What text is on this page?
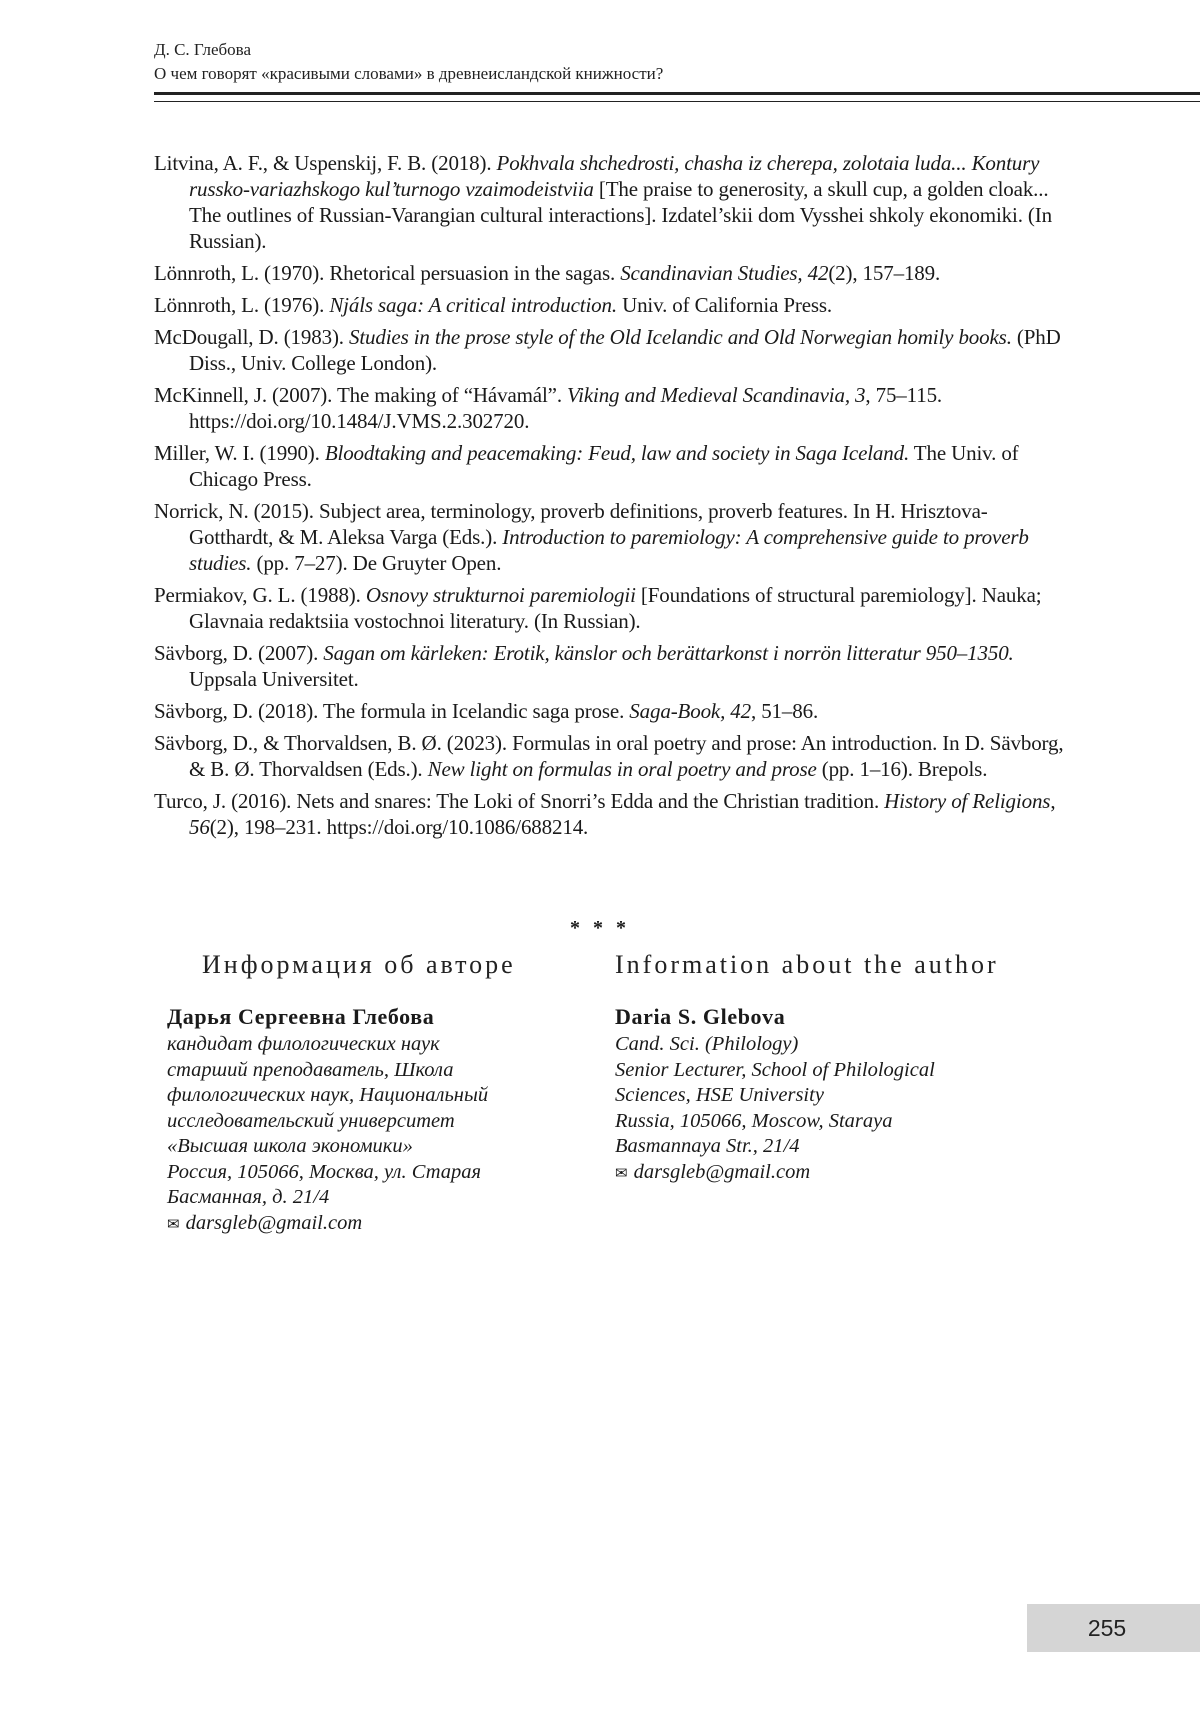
Д. С. Глебова
О чем говорят «красивыми словами» в древнеисландской книжности?
Litvina, A. F., & Uspenskij, F. B. (2018). Pokhvala shchedrosti, chasha iz cherepa, zolotaia luda... Kontury russko-variazhskogo kul’turnogo vzaimodeistviia [The praise to generosity, a skull cup, a golden cloak... The outlines of Russian-Varangian cultural interactions]. Izdatel’skii dom Vysshei shkoly ekonomiki. (In Russian).
Lönnroth, L. (1970). Rhetorical persuasion in the sagas. Scandinavian Studies, 42(2), 157–189.
Lönnroth, L. (1976). Njáls saga: A critical introduction. Univ. of California Press.
McDougall, D. (1983). Studies in the prose style of the Old Icelandic and Old Norwegian homily books. (PhD Diss., Univ. College London).
McKinnell, J. (2007). The making of “Hávamál”. Viking and Medieval Scandinavia, 3, 75–115. https://doi.org/10.1484/J.VMS.2.302720.
Miller, W. I. (1990). Bloodtaking and peacemaking: Feud, law and society in Saga Iceland. The Univ. of Chicago Press.
Norrick, N. (2015). Subject area, terminology, proverb definitions, proverb features. In H. Hrisztova-Gotthardt, & M. Aleksa Varga (Eds.). Introduction to paremiology: A comprehensive guide to proverb studies. (pp. 7–27). De Gruyter Open.
Permiakov, G. L. (1988). Osnovy strukturnoi paremiologii [Foundations of structural paremiology]. Nauka; Glavnaia redaktsiia vostochnoi literatury. (In Russian).
Sävborg, D. (2007). Sagan om kärleken: Erotik, känslor och berättarkonst i norrön litteratur 950–1350. Uppsala Universitet.
Sävborg, D. (2018). The formula in Icelandic saga prose. Saga-Book, 42, 51–86.
Sävborg, D., & Thorvaldsen, B. Ø. (2023). Formulas in oral poetry and prose: An introduction. In D. Sävborg, & B. Ø. Thorvaldsen (Eds.). New light on formulas in oral poetry and prose (pp. 1–16). Brepols.
Turco, J. (2016). Nets and snares: The Loki of Snorri’s Edda and the Christian tradition. History of Religions, 56(2), 198–231. https://doi.org/10.1086/688214.
* * *
Информация об авторе
Дарья Сергеевна Глебова
кандидат филологических наук
старший преподаватель, Школа
филологических наук, Национальный
исследовательский университет
«Высшая школа экономики»
Россия, 105066, Москва, ул. Старая
Басманная, д. 21/4
✉ darsgleb@gmail.com
Information about the author
Daria S. Glebova
Cand. Sci. (Philology)
Senior Lecturer, School of Philological
Sciences, HSE University
Russia, 105066, Moscow, Staraya
Basmannaya Str., 21/4
✉ darsgleb@gmail.com
255
